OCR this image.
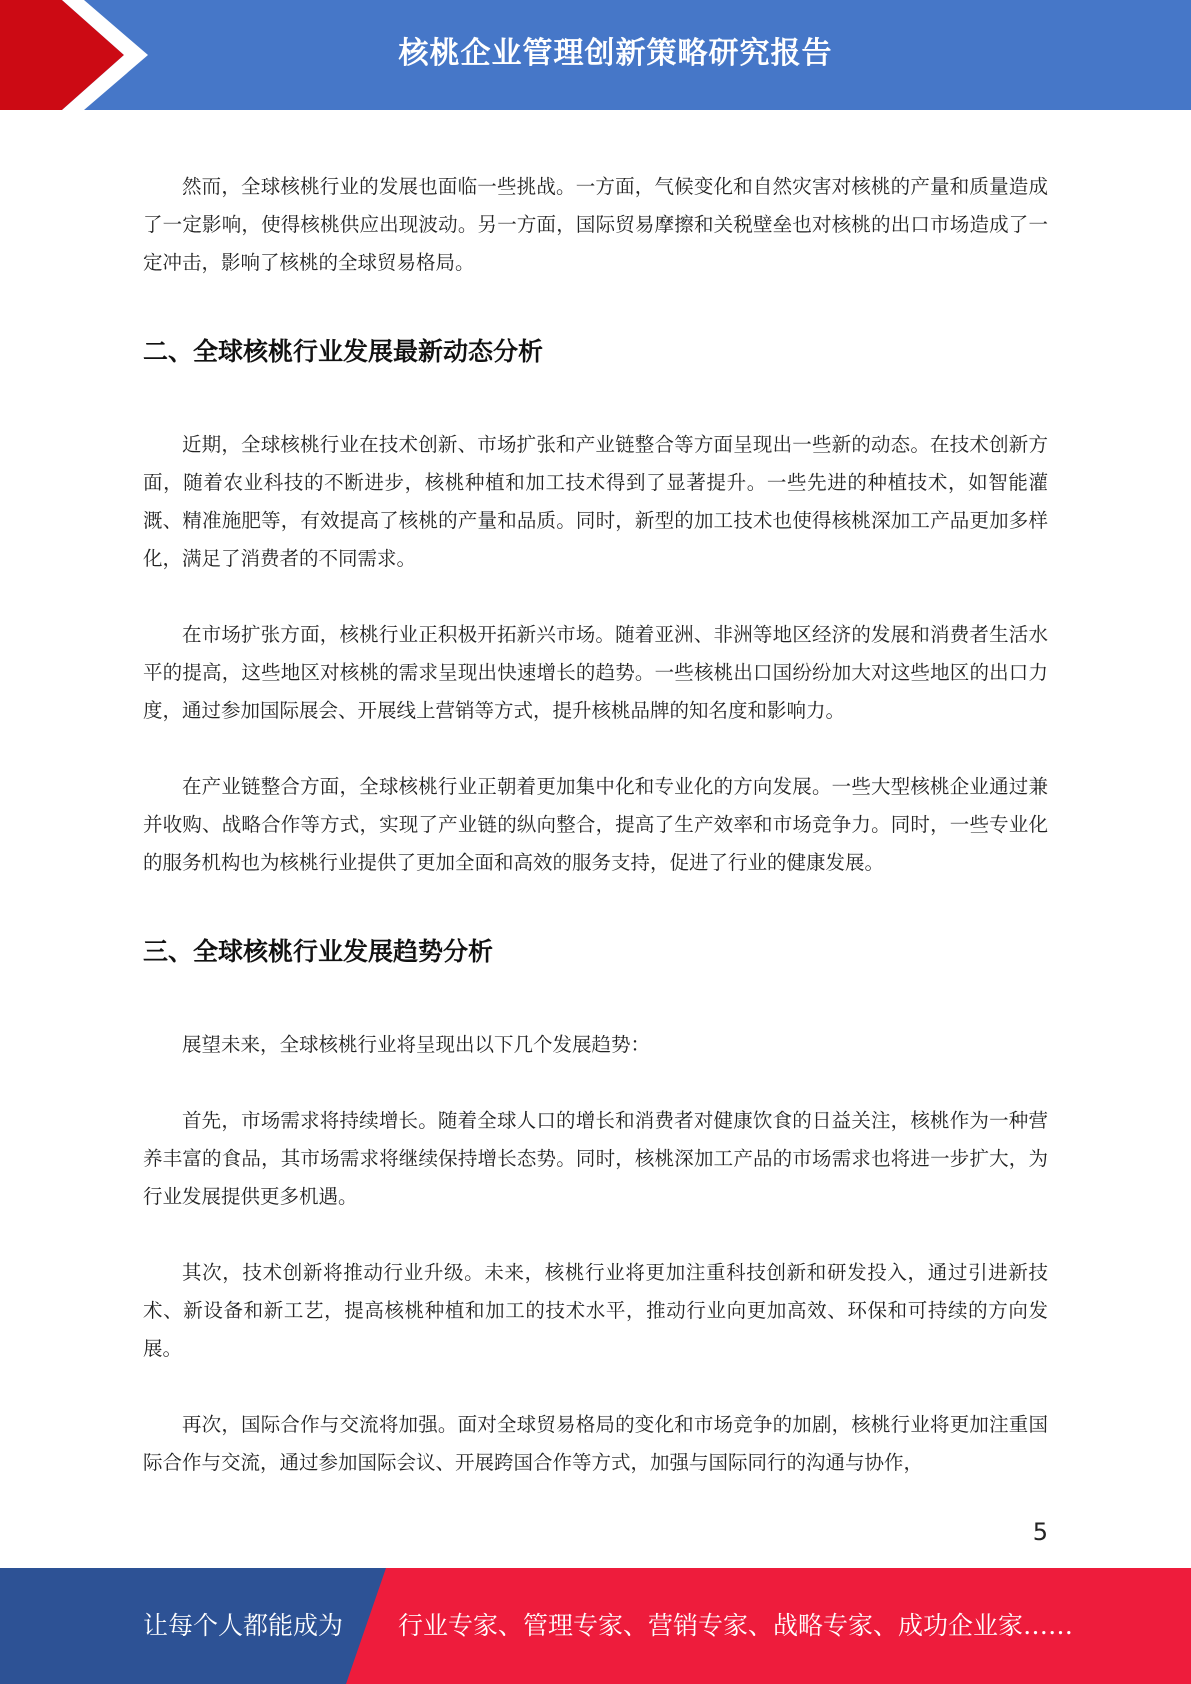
核桃企业管理创新策略研究报告

然而，全球核桃行业的发展也面临一些挑战。一方面，气候变化和自然灾害对核桃的产量和质量造成了一定影响，使得核桃供应出现波动。另一方面，国际贸易摩擦和关税壁垒也对核桃的出口市场造成了一定冲击，影响了核桃的全球贸易格局。

二、全球核桃行业发展最新动态分析

近期，全球核桃行业在技术创新、市场扩张和产业链整合等方面呈现出一些新的动态。在技术创新方面，随着农业科技的不断进步，核桃种植和加工技术得到了显著提升。一些先进的种植技术，如智能灌溉、精准施肥等，有效提高了核桃的产量和品质。同时，新型的加工技术也使得核桃深加工产品更加多样化，满足了消费者的不同需求。

在市场扩张方面，核桃行业正积极开拓新兴市场。随着亚洲、非洲等地区经济的发展和消费者生活水平的提高，这些地区对核桃的需求呈现出快速增长的趋势。一些核桃出口国纷纷加大对这些地区的出口力度，通过参加国际展会、开展线上营销等方式，提升核桃品牌的知名度和影响力。

在产业链整合方面，全球核桃行业正朝着更加集中化和专业化的方向发展。一些大型核桃企业通过兼并收购、战略合作等方式，实现了产业链的纵向整合，提高了生产效率和市场竞争力。同时，一些专业化的服务机构也为核桃行业提供了更加全面和高效的服务支持，促进了行业的健康发展。

三、全球核桃行业发展趋势分析

展望未来，全球核桃行业将呈现出以下几个发展趋势：

首先，市场需求将持续增长。随着全球人口的增长和消费者对健康饮食的日益关注，核桃作为一种营养丰富的食品，其市场需求将继续保持增长态势。同时，核桃深加工产品的市场需求也将进一步扩大，为行业发展提供更多机遇。

其次，技术创新将推动行业升级。未来，核桃行业将更加注重科技创新和研发投入，通过引进新技术、新设备和新工艺，提高核桃种植和加工的技术水平，推动行业向更加高效、环保和可持续的方向发展。

再次，国际合作与交流将加强。面对全球贸易格局的变化和市场竞争的加剧，核桃行业将更加注重国际合作与交流，通过参加国际会议、开展跨国合作等方式，加强与国际同行的沟通与协作，

5
让每个人都能成为 行业专家、管理专家、营销专家、战略专家、成功企业家……
